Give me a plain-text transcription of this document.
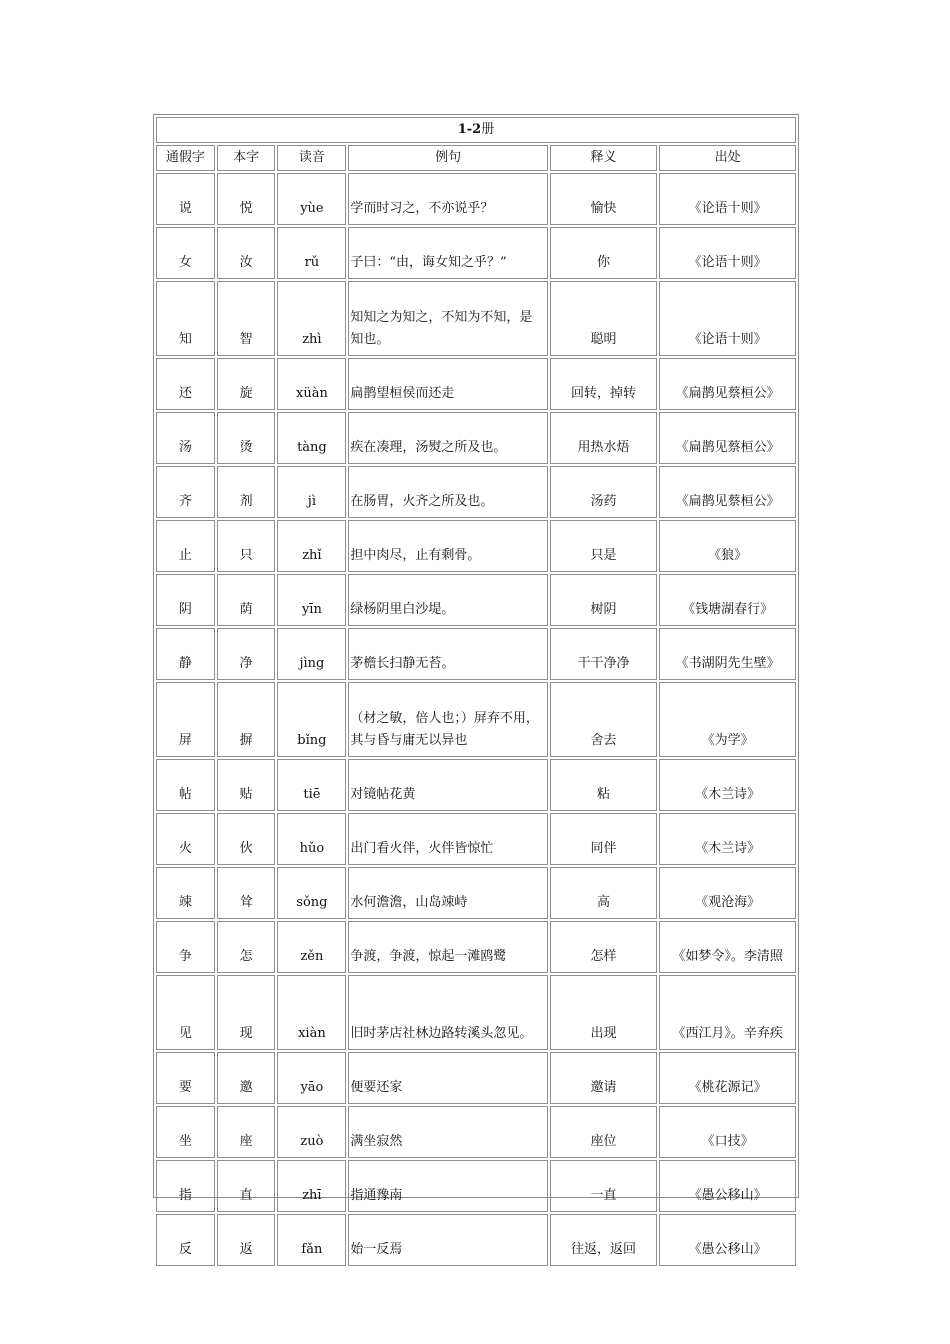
1-2册					
通假字	本字	读音	例句	释义	出处
说	悦	yùe	学而时习之，不亦说乎？	愉快	《论语十则》
女	汝	rǔ	子曰：“由，诲女知之乎？”	你	《论语十则》
知	智	zhì	知知之为知之，不知为不知，是知也。	聪明	《论语十则》
还	旋	xüàn	扁鹊望桓侯而还走	回转，掉转	《扁鹊见蔡桓公》
汤	烫	tàng	疾在凑理，汤熨之所及也。	用热水焐	《扁鹊见蔡桓公》
齐	剂	jì	在肠胃，火齐之所及也。	汤药	《扁鹊见蔡桓公》
止	只	zhǐ	担中肉尽，止有剩骨。	只是	《狼》
阴	荫	yīn	绿杨阴里白沙堤。	树阴	《钱塘湖春行》
静	净	jìng	茅檐长扫静无苔。	干干净净	《书湖阴先生壁》
屏	摒	bǐng	（材之敏，倍人也；）屏弃不用，其与昏与庸无以异也	舍去	《为学》
帖	贴	tiē	对镜帖花黄	粘	《木兰诗》
火	伙	hǔo	出门看火伴，火伴皆惊忙	同伴	《木兰诗》
竦	耸	sǒng	水何澹澹，山岛竦峙	高	《观沧海》
争	怎	zěn	争渡，争渡，惊起一滩鸥鹭	怎样	《如梦令》。李清照
见	现	xiàn	旧时茅店社林边路转溪头忽见。	出现	《西江月》。辛弃疾
要	邀	yāo	便要还家	邀请	《桃花源记》
坐	座	zuò	满坐寂然	座位	《口技》
指	直	zhī	指通豫南	一直	《愚公移山》
反	返	fǎn	始一反焉	往返，返回	《愚公移山》
